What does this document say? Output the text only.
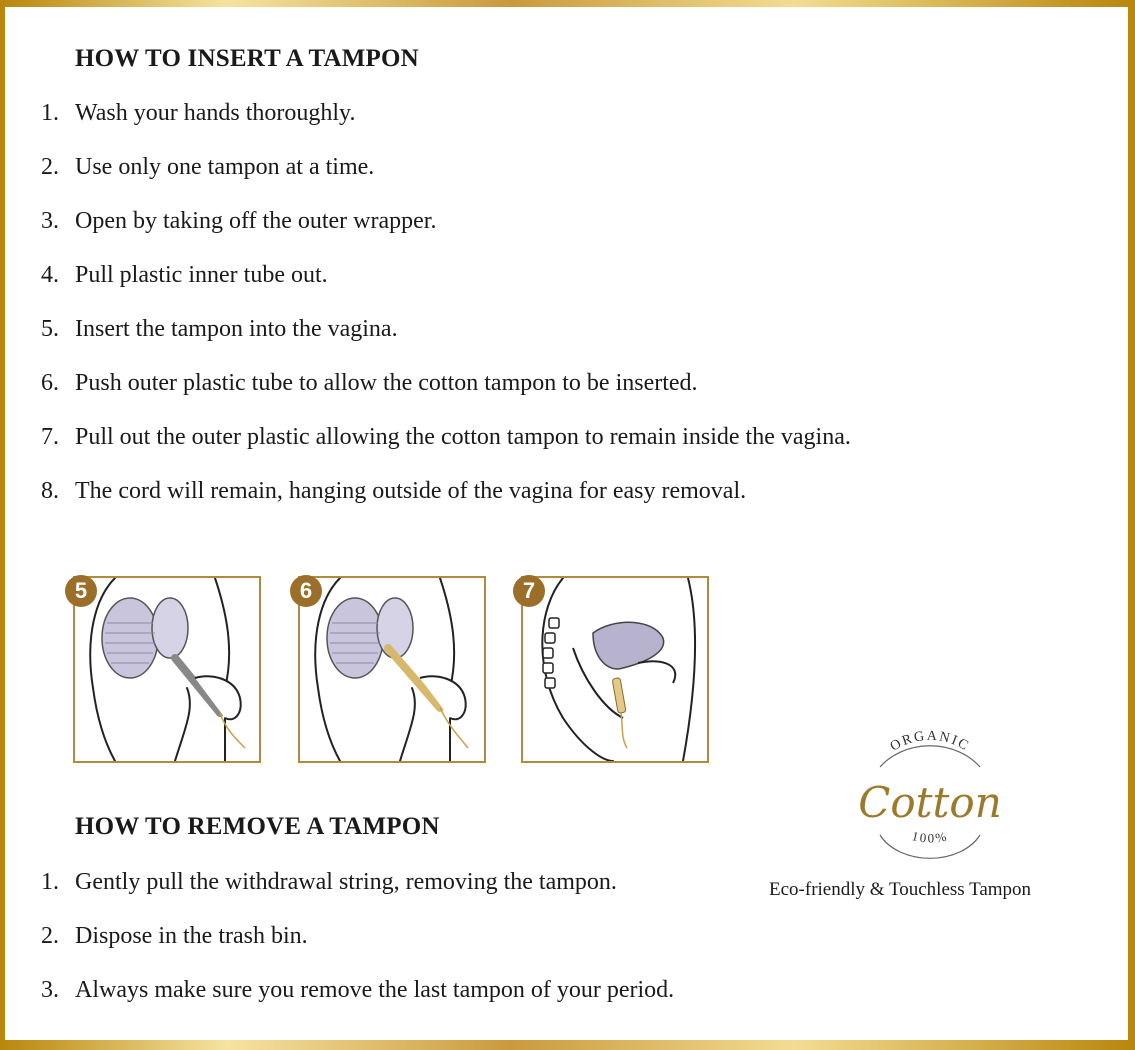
HOW TO INSERT A TAMPON
1. Wash your hands thoroughly.
2. Use only one tampon at a time.
3. Open by taking off the outer wrapper.
4. Pull plastic inner tube out.
5. Insert the tampon into the vagina.
6. Push outer plastic tube to allow the cotton tampon to be inserted.
7. Pull out the outer plastic allowing the cotton tampon to remain inside the vagina.
8. The cord will remain, hanging outside of the vagina for easy removal.
5	6	7
ORGANIC
100%
Cotton
Eco-friendly & Touchless Tampon
HOW TO REMOVE A TAMPON
1. Gently pull the withdrawal string, removing the tampon.
2. Dispose in the trash bin.
3. Always make sure you remove the last tampon of your period.
